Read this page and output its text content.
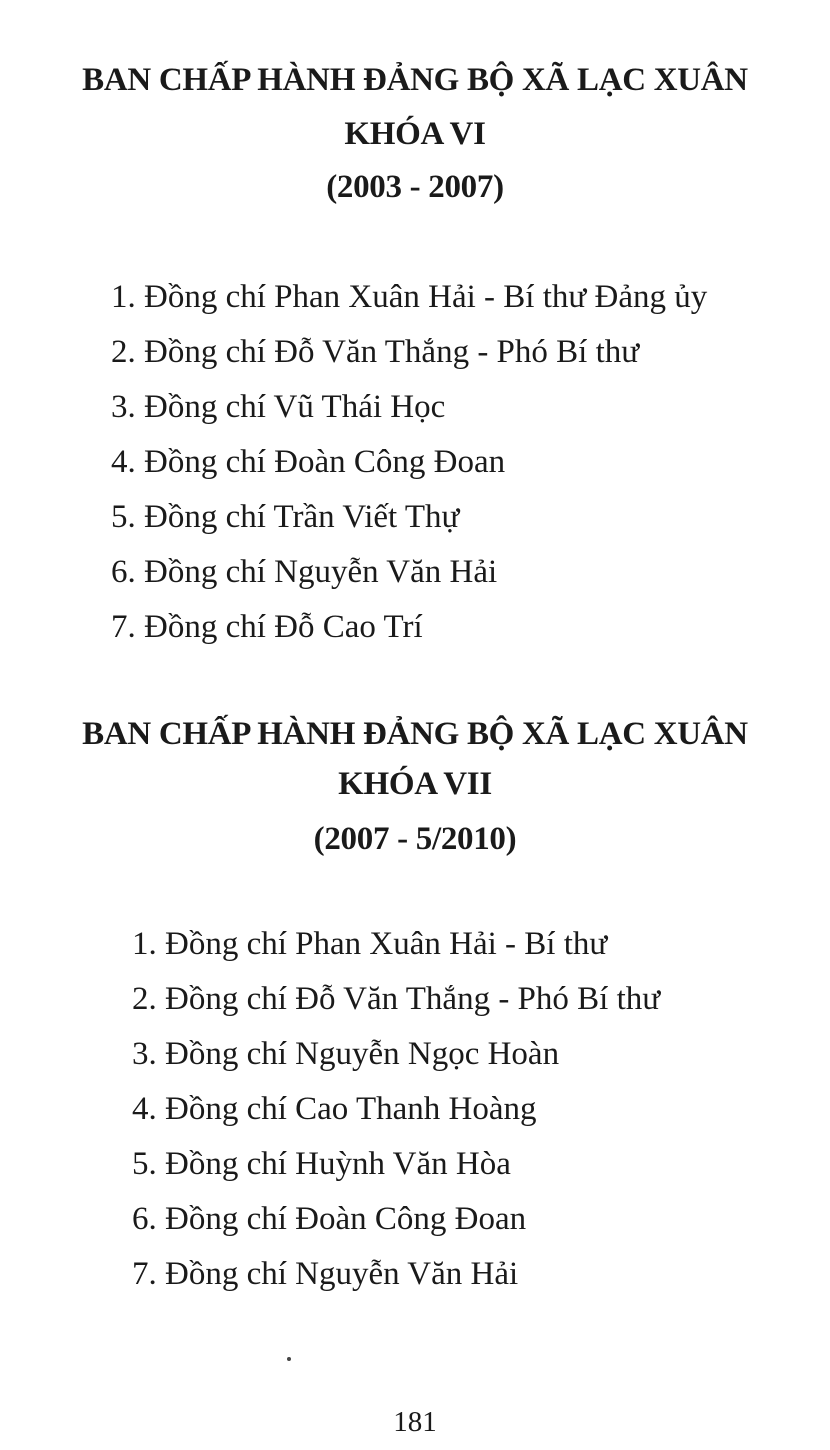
BAN CHẤP HÀNH ĐẢNG BỘ XÃ LẠC XUÂN
KHÓA VI
(2003 - 2007)
1. Đồng chí Phan Xuân Hải - Bí thư Đảng ủy
2. Đồng chí Đỗ Văn Thắng - Phó Bí thư
3. Đồng chí Vũ Thái Học
4. Đồng chí Đoàn Công Đoan
5. Đồng chí Trần Viết Thự
6. Đồng chí Nguyễn Văn Hải
7. Đồng chí Đỗ Cao Trí
BAN CHẤP HÀNH ĐẢNG BỘ XÃ LẠC XUÂN
KHÓA VII
(2007 - 5/2010)
1. Đồng chí Phan Xuân Hải - Bí thư
2. Đồng chí Đỗ Văn Thắng - Phó Bí thư
3. Đồng chí Nguyễn Ngọc Hoàn
4. Đồng chí Cao Thanh Hoàng
5. Đồng chí Huỳnh Văn Hòa
6. Đồng chí Đoàn Công Đoan
7. Đồng chí Nguyễn Văn Hải
181
